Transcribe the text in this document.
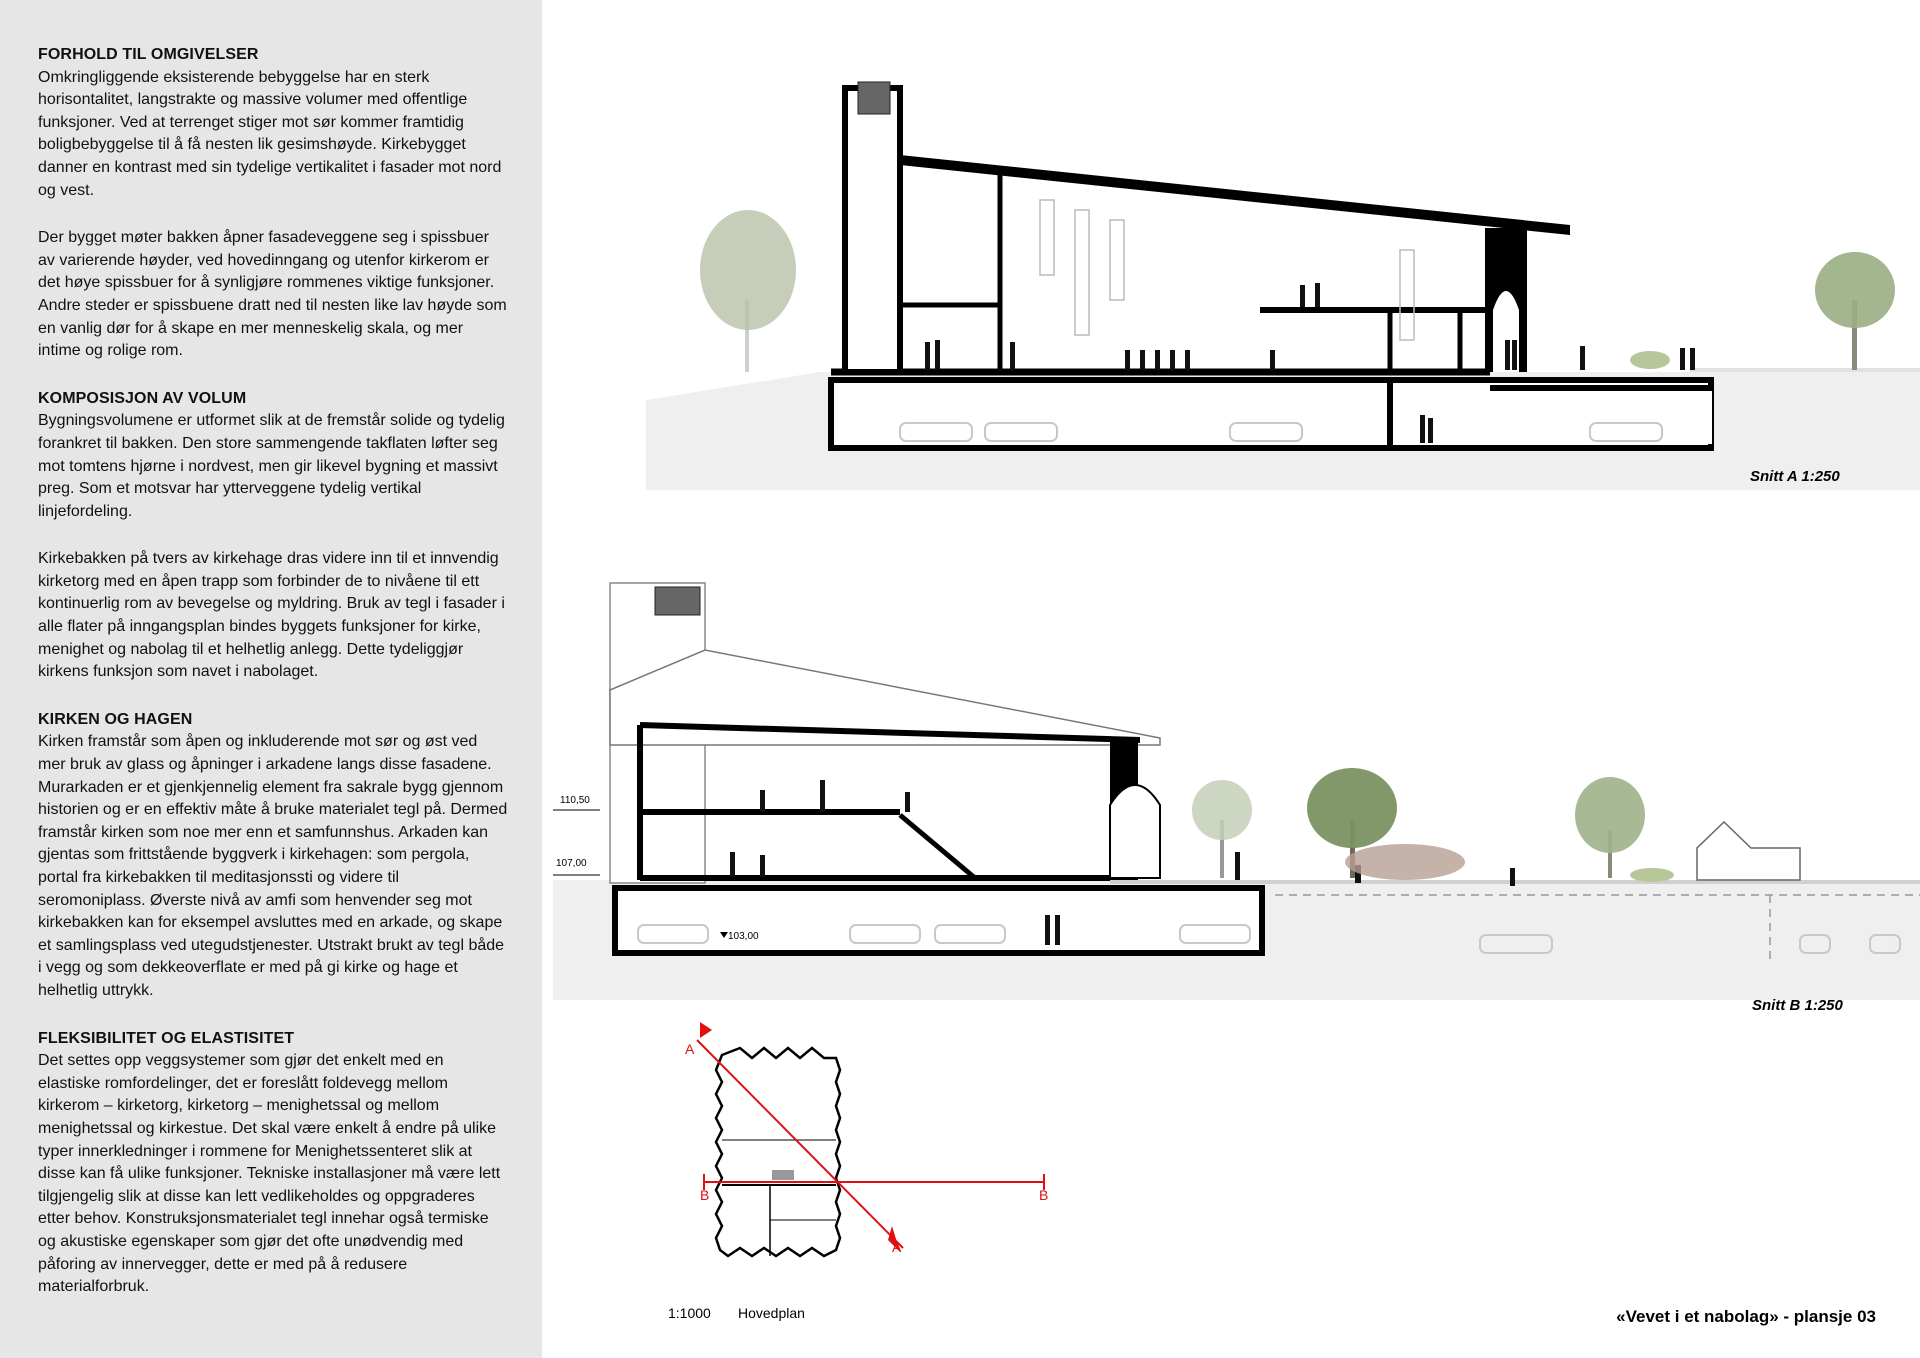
FORHOLD TIL OMGIVELSER
Omkringliggende eksisterende bebyggelse har en sterk horisontalitet, langstrakte og massive volumer med offentlige funksjoner. Ved at terrenget stiger mot sør kommer framtidig boligbebyggelse til å få nesten lik gesimshøyde. Kirkebygget danner en kontrast med sin tydelige vertikalitet i fasader mot nord og vest.
Der bygget møter bakken åpner fasadeveggene seg i spissbuer av varierende høyder, ved hovedinngang og utenfor kirkerom er det høye spissbuer for å synligjøre rommenes viktige funksjoner. Andre steder er spissbuene dratt ned til nesten like lav høyde som en vanlig dør for å skape en mer menneskelig skala, og mer intime og rolige rom.
KOMPOSISJON AV VOLUM
Bygningsvolumene er utformet slik at de fremstår solide og tydelig forankret til bakken. Den store sammengende takflaten løfter seg mot tomtens hjørne i nordvest, men gir likevel bygning et massivt preg. Som et motsvar har ytterveggene tydelig vertikal linjefordeling.
Kirkebakken på tvers av kirkehage dras videre inn til et innvendig kirketorg med en åpen trapp som forbinder de to nivåene til ett kontinuerlig rom av bevegelse og myldring. Bruk av tegl i fasader i alle flater på inngangsplan bindes byggets funksjoner for kirke, menighet og nabolag til et helhetlig anlegg. Dette tydeliggjør kirkens funksjon som navet i nabolaget.
KIRKEN OG HAGEN
Kirken framstår som åpen og inkluderende mot sør og øst ved mer bruk av glass og åpninger i arkadene langs disse fasadene. Murarkaden er et gjenkjennelig element fra sakrale bygg gjennom historien og er en effektiv måte å bruke materialet tegl på. Dermed framstår kirken som noe mer enn et samfunnshus. Arkaden kan gjentas som frittstående byggverk i kirkehagen: som pergola, portal fra kirkebakken til meditasjonssti og videre til seromoniplass. Øverste nivå av amfi som henvender seg mot kirkebakken kan for eksempel avsluttes med en arkade, og skape et samlingsplass ved utegudstjenester. Utstrakt brukt av tegl både i vegg og som dekkeoverflate er med på gi kirke og hage et helhetlig uttrykk.
FLEKSIBILITET OG ELASTISITET
Det settes opp veggsystemer som gjør det enkelt med en elastiske romfordelinger, det er foreslått foldevegg mellom kirkerom – kirketorg, kirketorg – menighetssal og mellom menighetssal og kirkestue. Det skal være enkelt å endre på ulike typer innerkledninger i rommene for Menighetssenteret slik at disse kan få ulike funksjoner. Tekniske installasjoner må være lett tilgjengelig slik at disse kan lett vedlikeholdes og oppgraderes etter behov. Konstruksjonsmaterialet tegl innehar også termiske og akustiske egenskaper som gjør det ofte unødvendig med påforing av innervegger, dette er med på å redusere materialforbruk.
Snitt A 1:250
110,50
107,00
103,00
Snitt B 1:250
A
A
B	B
1:1000 Hovedplan	«Vevet i et nabolag» - plansje 03
